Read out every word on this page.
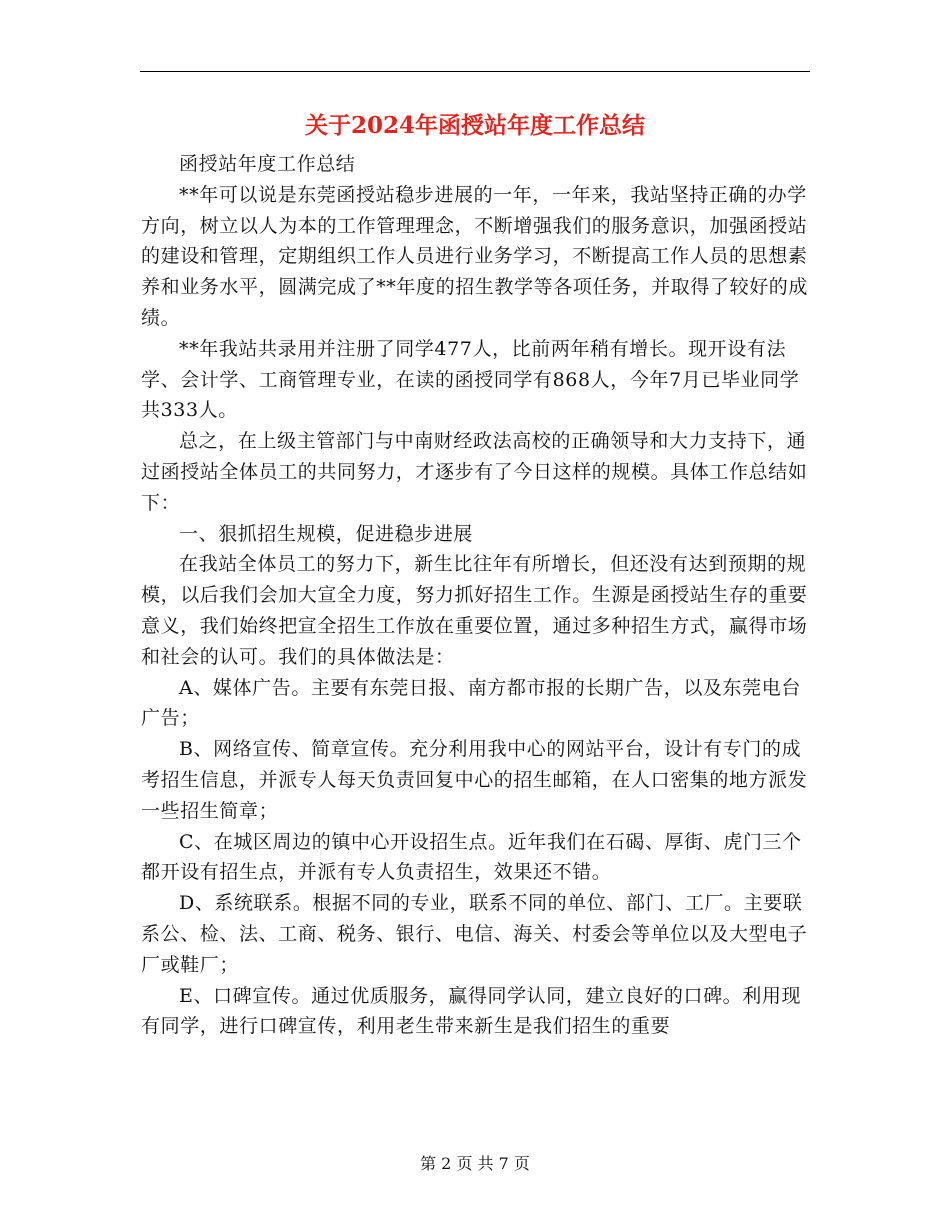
关于2024年函授站年度工作总结

函授站年度工作总结

**年可以说是东莞函授站稳步进展的一年，一年来，我站坚持正确的办学方向，树立以人为本的工作管理理念，不断增强我们的服务意识，加强函授站的建设和管理，定期组织工作人员进行业务学习，不断提高工作人员的思想素养和业务水平，圆满完成了**年度的招生教学等各项任务，并取得了较好的成绩。

**年我站共录用并注册了同学477人，比前两年稍有增长。现开设有法学、会计学、工商管理专业，在读的函授同学有868人，今年7月已毕业同学共333人。

总之，在上级主管部门与中南财经政法高校的正确领导和大力支持下，通过函授站全体员工的共同努力，才逐步有了今日这样的规模。具体工作总结如下：

一、狠抓招生规模，促进稳步进展

在我站全体员工的努力下，新生比往年有所增长，但还没有达到预期的规模，以后我们会加大宣全力度，努力抓好招生工作。生源是函授站生存的重要意义，我们始终把宣全招生工作放在重要位置，通过多种招生方式，赢得市场和社会的认可。我们的具体做法是：

A、媒体广告。主要有东莞日报、南方都市报的长期广告，以及东莞电台广告；

B、网络宣传、简章宣传。充分利用我中心的网站平台，设计有专门的成考招生信息，并派专人每天负责回复中心的招生邮箱，在人口密集的地方派发一些招生简章；

C、在城区周边的镇中心开设招生点。近年我们在石碣、厚街、虎门三个都开设有招生点，并派有专人负责招生，效果还不错。

D、系统联系。根据不同的专业，联系不同的单位、部门、工厂。主要联系公、检、法、工商、税务、银行、电信、海关、村委会等单位以及大型电子厂或鞋厂；

E、口碑宣传。通过优质服务，赢得同学认同，建立良好的口碑。利用现有同学，进行口碑宣传，利用老生带来新生是我们招生的重要

第 2 页 共 7 页
